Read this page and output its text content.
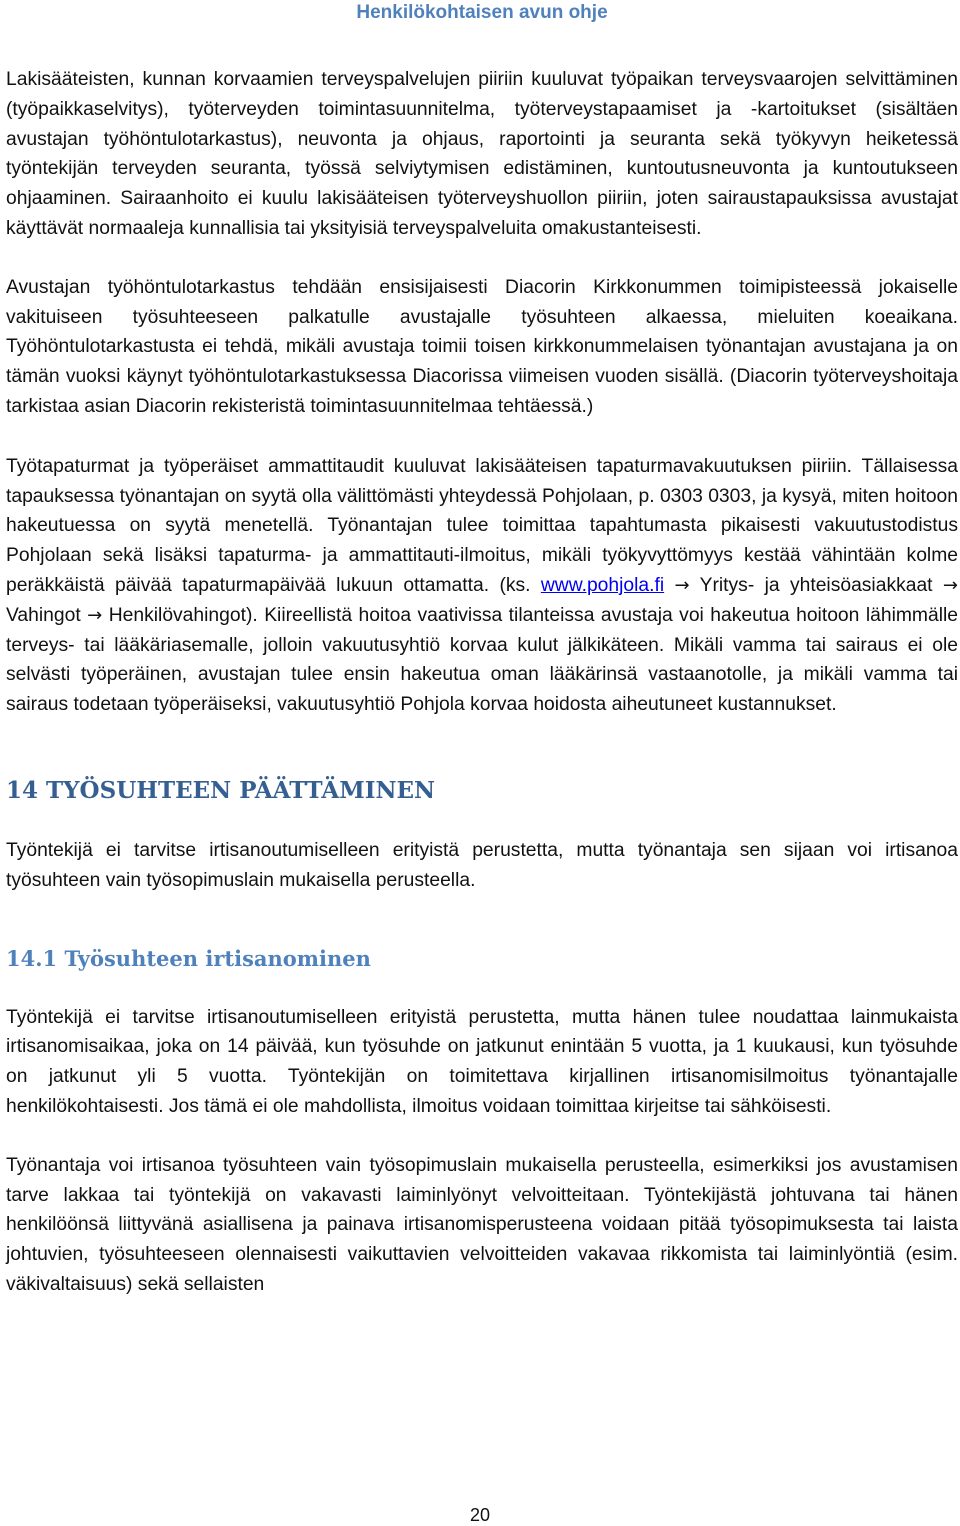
Henkilökohtaisen avun ohje

Lakisääteisten, kunnan korvaamien terveyspalvelujen piiriin kuuluvat työpaikan terveysvaarojen selvittäminen (työpaikkaselvitys), työterveyden toimintasuunnitelma, työterveystapaamiset ja -kartoitukset (sisältäen avustajan työhöntulotarkastus), neuvonta ja ohjaus, raportointi ja seuranta sekä työkyvyn heiketessä työntekijän terveyden seuranta, työssä selviytymisen edistäminen, kuntoutusneuvonta ja kuntoutukseen ohjaaminen. Sairaanhoito ei kuulu lakisääteisen työterveyshuollon piiriin, joten sairaustapauksissa avustajat käyttävät normaaleja kunnallisia tai yksityisiä terveyspalveluita omakustanteisesti.

Avustajan työhöntulotarkastus tehdään ensisijaisesti Diacorin Kirkkonummen toimipisteessä jokaiselle vakituiseen työsuhteeseen palkatulle avustajalle työsuhteen alkaessa, mieluiten koeaikana. Työhöntulotarkastusta ei tehdä, mikäli avustaja toimii toisen kirkkonummelaisen työnantajan avustajana ja on tämän vuoksi käynyt työhöntulotarkastuksessa Diacorissa viimeisen vuoden sisällä. (Diacorin työterveyshoitaja tarkistaa asian Diacorin rekisteristä toimintasuunnitelmaa tehtäessä.)

Työtapaturmat ja työperäiset ammattitaudit kuuluvat lakisääteisen tapaturmavakuutuksen piiriin. Tällaisessa tapauksessa työnantajan on syytä olla välittömästi yhteydessä Pohjolaan, p. 0303 0303, ja kysyä, miten hoitoon hakeutuessa on syytä menetellä. Työnantajan tulee toimittaa tapahtumasta pikaisesti vakuutustodistus Pohjolaan sekä lisäksi tapaturma- ja ammattitauti-ilmoitus, mikäli työkyvyttömyys kestää vähintään kolme peräkkäistä päivää tapaturmapäivää lukuun ottamatta. (ks. www.pohjola.fi → Yritys- ja yhteisöasiakkaat → Vahingot → Henkilövahingot). Kiireellistä hoitoa vaativissa tilanteissa avustaja voi hakeutua hoitoon lähimmälle terveys- tai lääkäriasemalle, jolloin vakuutusyhtiö korvaa kulut jälkikäteen. Mikäli vamma tai sairaus ei ole selvästi työperäinen, avustajan tulee ensin hakeutua oman lääkärinsä vastaanotolle, ja mikäli vamma tai sairaus todetaan työperäiseksi, vakuutusyhtiö Pohjola korvaa hoidosta aiheutuneet kustannukset.

14 TYÖSUHTEEN PÄÄTTÄMINEN

Työntekijä ei tarvitse irtisanoutumiselleen erityistä perustetta, mutta työnantaja sen sijaan voi irtisanoa työsuhteen vain työsopimuslain mukaisella perusteella.

14.1 Työsuhteen irtisanominen

Työntekijä ei tarvitse irtisanoutumiselleen erityistä perustetta, mutta hänen tulee noudattaa lainmukaista irtisanomisaikaa, joka on 14 päivää, kun työsuhde on jatkunut enintään 5 vuotta, ja 1 kuukausi, kun työsuhde on jatkunut yli 5 vuotta. Työntekijän on toimitettava kirjallinen irtisanomisilmoitus työnantajalle henkilökohtaisesti. Jos tämä ei ole mahdollista, ilmoitus voidaan toimittaa kirjeitse tai sähköisesti.

Työnantaja voi irtisanoa työsuhteen vain työsopimuslain mukaisella perusteella, esimerkiksi jos avustamisen tarve lakkaa tai työntekijä on vakavasti laiminlyönyt velvoitteitaan. Työntekijästä johtuvana tai hänen henkilöönsä liittyvänä asiallisena ja painava irtisanomisperusteena voidaan pitää työsopimuksesta tai laista johtuvien, työsuhteeseen olennaisesti vaikuttavien velvoitteiden vakavaa rikkomista tai laiminlyöntiä (esim. väkivaltaisuus) sekä sellaisten

20
